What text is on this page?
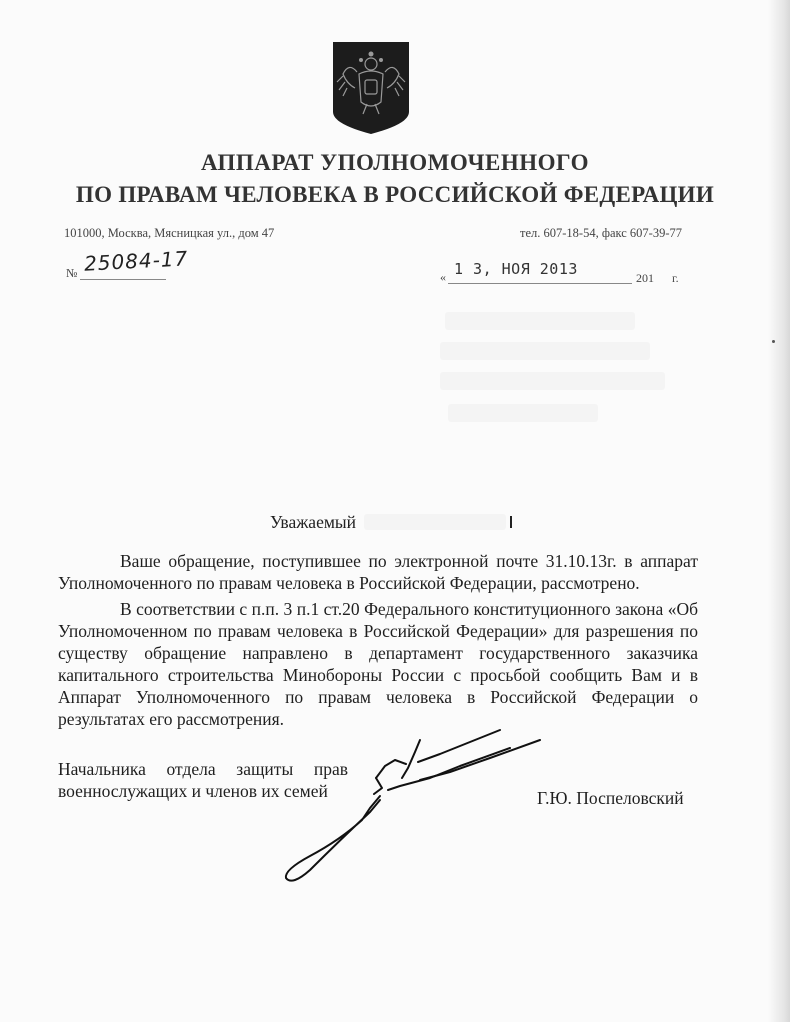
АППАРАТ УПОЛНОМОЧЕННОГО
ПО ПРАВАМ ЧЕЛОВЕКА В РОССИЙСКОЙ ФЕДЕРАЦИИ
101000, Москва, Мясницкая ул., дом 47	тел. 607-18-54, факс 607-39-77
№ 25084-17
« 1 3, НОЯ 2013	201 г.
Уважаемый
Ваше обращение, поступившее по электронной почте 31.10.13г. в аппарат Уполномоченного по правам человека в Российской Федерации, рассмотрено.
В соответствии с п.п. 3 п.1 ст.20 Федерального конституционного закона «Об Уполномоченном по правам человека в Российской Федерации» для разрешения по существу обращение направлено в департамент государственного заказчика капитального строительства Минобороны России с просьбой сообщить Вам и в Аппарат Уполномоченного по правам человека в Российской Федерации о результатах его рассмотрения.
Начальника отдела защиты прав
военнослужащих и членов их семей	Г.Ю. Поспеловский
